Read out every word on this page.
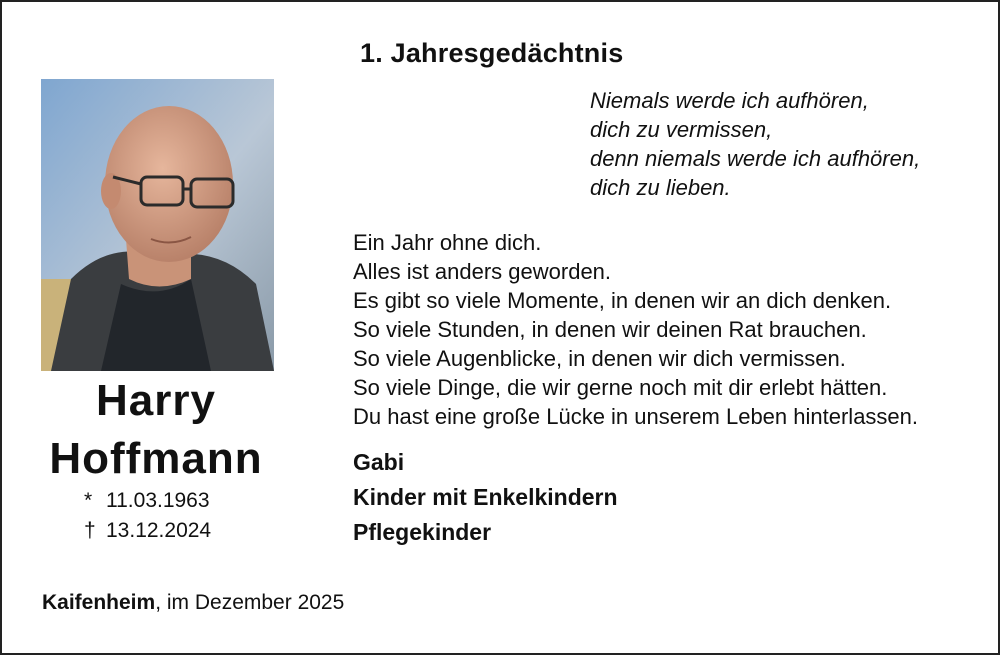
1. Jahresgedächtnis
Niemals werde ich aufhören,
dich zu vermissen,
denn niemals werde ich aufhören,
dich zu lieben.
Harry
Hoffmann
* 11.03.1963
† 13.12.2024
Ein Jahr ohne dich.
Alles ist anders geworden.
Es gibt so viele Momente, in denen wir an dich denken.
So viele Stunden, in denen wir deinen Rat brauchen.
So viele Augenblicke, in denen wir dich vermissen.
So viele Dinge, die wir gerne noch mit dir erlebt hätten.
Du hast eine große Lücke in unserem Leben hinterlassen.
Gabi
Kinder mit Enkelkindern
Pflegekinder
Kaifenheim, im Dezember 2025
